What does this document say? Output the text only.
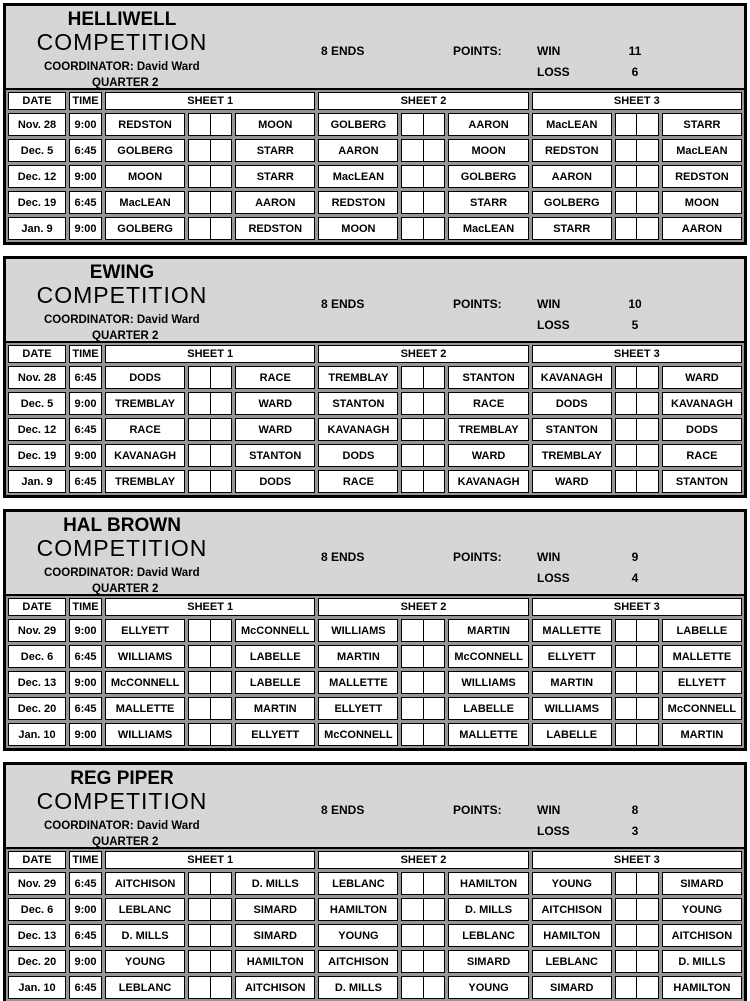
HELLIWELL
COMPETITION
COORDINATOR: David Ward
QUARTER 2
8 ENDS	POINTS:	WIN	11
LOSS	6
DATE	TIME	SHEET 1	SHEET 2	SHEET 3
Nov. 28	9:00	REDSTON	MOON	GOLBERG	AARON	MacLEAN	STARR
Dec. 5	6:45	GOLBERG	STARR	AARON	MOON	REDSTON	MacLEAN
Dec. 12	9:00	MOON	STARR	MacLEAN	GOLBERG	AARON	REDSTON
Dec. 19	6:45	MacLEAN	AARON	REDSTON	STARR	GOLBERG	MOON
Jan. 9	9:00	GOLBERG	REDSTON	MOON	MacLEAN	STARR	AARON
EWING
COMPETITION
COORDINATOR: David Ward
QUARTER 2
8 ENDS	POINTS:	WIN	10
LOSS	5
DATE	TIME	SHEET 1	SHEET 2	SHEET 3
Nov. 28	6:45	DODS	RACE	TREMBLAY	STANTON	KAVANAGH	WARD
Dec. 5	9:00	TREMBLAY	WARD	STANTON	RACE	DODS	KAVANAGH
Dec. 12	6:45	RACE	WARD	KAVANAGH	TREMBLAY	STANTON	DODS
Dec. 19	9:00	KAVANAGH	STANTON	DODS	WARD	TREMBLAY	RACE
Jan. 9	6:45	TREMBLAY	DODS	RACE	KAVANAGH	WARD	STANTON
HAL BROWN
COMPETITION
COORDINATOR: David Ward
QUARTER 2
8 ENDS	POINTS:	WIN	9
LOSS	4
DATE	TIME	SHEET 1	SHEET 2	SHEET 3
Nov. 29	9:00	ELLYETT	McCONNELL	WILLIAMS	MARTIN	MALLETTE	LABELLE
Dec. 6	6:45	WILLIAMS	LABELLE	MARTIN	McCONNELL	ELLYETT	MALLETTE
Dec. 13	9:00	McCONNELL	LABELLE	MALLETTE	WILLIAMS	MARTIN	ELLYETT
Dec. 20	6:45	MALLETTE	MARTIN	ELLYETT	LABELLE	WILLIAMS	McCONNELL
Jan. 10	9:00	WILLIAMS	ELLYETT	McCONNELL	MALLETTE	LABELLE	MARTIN
REG PIPER
COMPETITION
COORDINATOR: David Ward
QUARTER 2
8 ENDS	POINTS:	WIN	8
LOSS	3
DATE	TIME	SHEET 1	SHEET 2	SHEET 3
Nov. 29	6:45	AITCHISON	D. MILLS	LEBLANC	HAMILTON	YOUNG	SIMARD
Dec. 6	9:00	LEBLANC	SIMARD	HAMILTON	D. MILLS	AITCHISON	YOUNG
Dec. 13	6:45	D. MILLS	SIMARD	YOUNG	LEBLANC	HAMILTON	AITCHISON
Dec. 20	9:00	YOUNG	HAMILTON	AITCHISON	SIMARD	LEBLANC	D. MILLS
Jan. 10	6:45	LEBLANC	AITCHISON	D. MILLS	YOUNG	SIMARD	HAMILTON
